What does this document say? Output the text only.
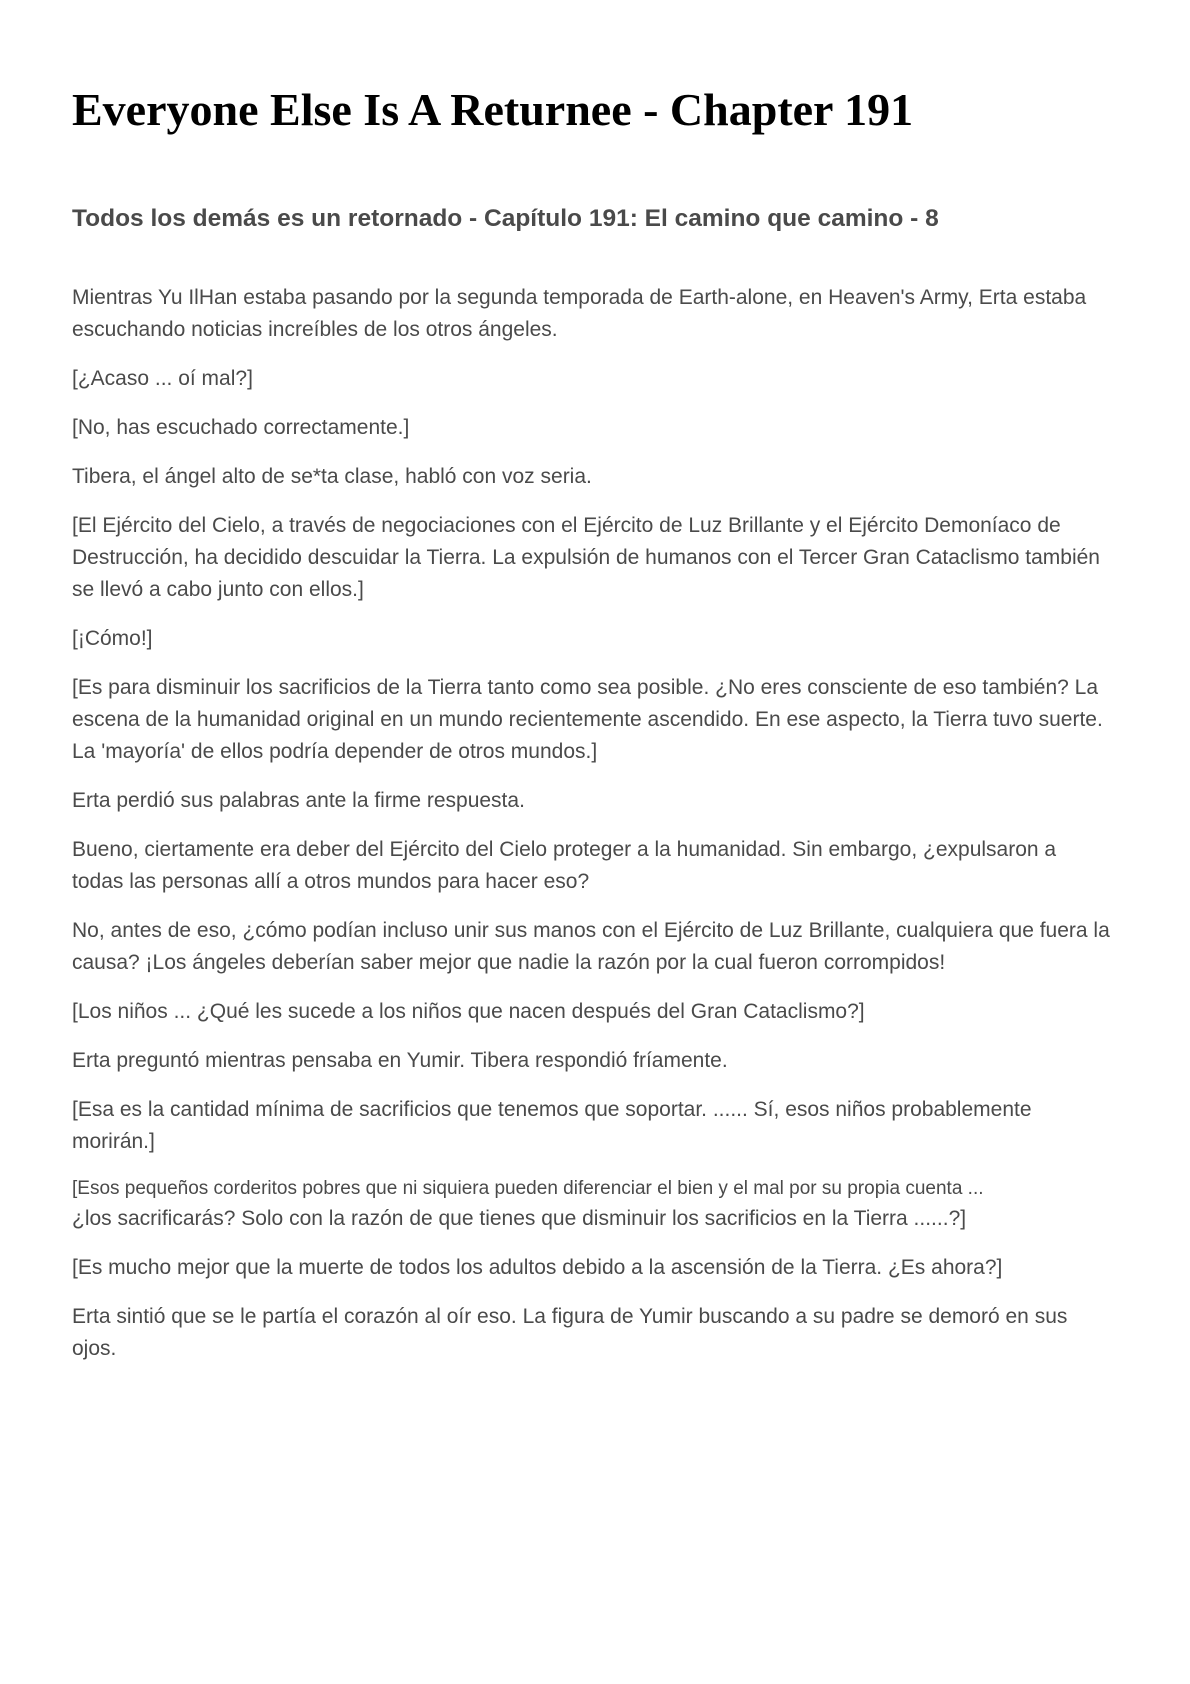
Everyone Else Is A Returnee - Chapter 191
Todos los demás es un retornado - Capítulo 191: El camino que camino - 8

Mientras Yu IlHan estaba pasando por la segunda temporada de Earth-alone, en Heaven's Army, Erta estaba escuchando noticias increíbles de los otros ángeles.

[¿Acaso ... oí mal?]

[No, has escuchado correctamente.]

Tibera, el ángel alto de se*ta clase, habló con voz seria.

[El Ejército del Cielo, a través de negociaciones con el Ejército de Luz Brillante y el Ejército Demoníaco de Destrucción, ha decidido descuidar la Tierra. La expulsión de humanos con el Tercer Gran Cataclismo también se llevó a cabo junto con ellos.]

[¡Cómo!]

[Es para disminuir los sacrificios de la Tierra tanto como sea posible. ¿No eres consciente de eso también? La escena de la humanidad original en un mundo recientemente ascendido. En ese aspecto, la Tierra tuvo suerte. La 'mayoría' de ellos podría depender de otros mundos.]

Erta perdió sus palabras ante la firme respuesta.

Bueno, ciertamente era deber del Ejército del Cielo proteger a la humanidad. Sin embargo, ¿expulsaron a todas las personas allí a otros mundos para hacer eso?

No, antes de eso, ¿cómo podían incluso unir sus manos con el Ejército de Luz Brillante, cualquiera que fuera la causa? ¡Los ángeles deberían saber mejor que nadie la razón por la cual fueron corrompidos!

[Los niños ... ¿Qué les sucede a los niños que nacen después del Gran Cataclismo?]

Erta preguntó mientras pensaba en Yumir. Tibera respondió fríamente.

[Esa es la cantidad mínima de sacrificios que tenemos que soportar. ...... Sí, esos niños probablemente morirán.]

[Esos pequeños corderitos pobres que ni siquiera pueden diferenciar el bien y el mal por su propia cuenta ...

¿los sacrificarás? Solo con la razón de que tienes que disminuir los sacrificios en la Tierra ......?]

[Es mucho mejor que la muerte de todos los adultos debido a la ascensión de la Tierra. ¿Es ahora?]

Erta sintió que se le partía el corazón al oír eso. La figura de Yumir buscando a su padre se demoró en sus ojos.
